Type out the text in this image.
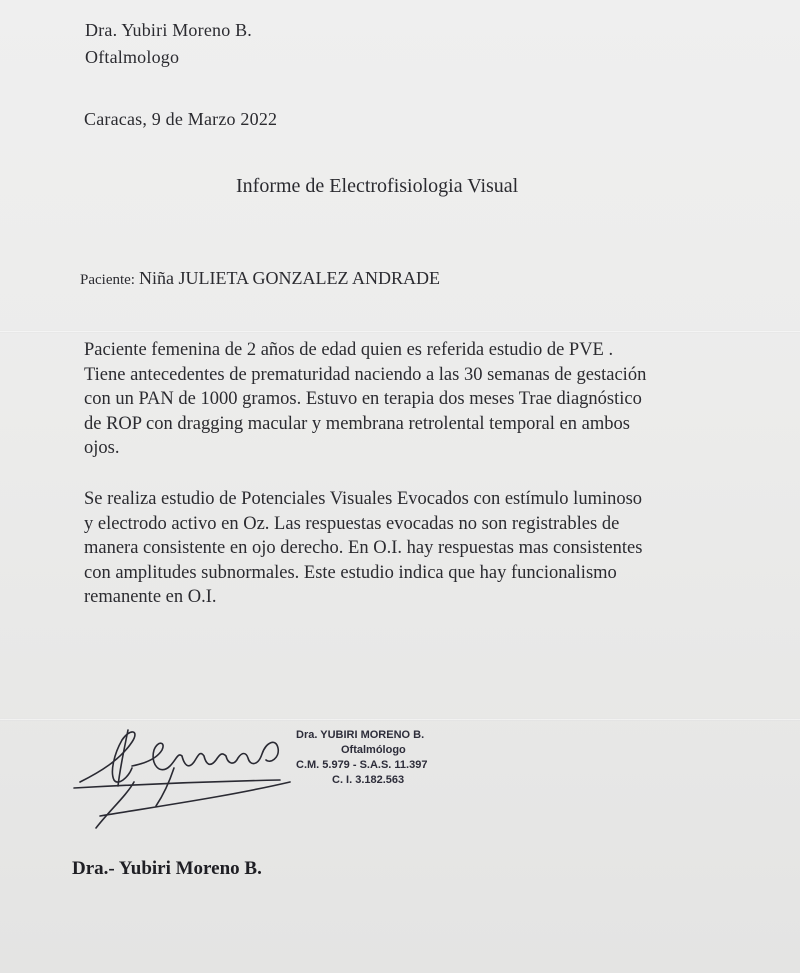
Dra. Yubiri Moreno B.
Oftalmologo
Caracas, 9 de Marzo 2022
Informe de Electrofisiologia Visual
Paciente: Niña JULIETA GONZALEZ ANDRADE
Paciente femenina de 2 años de edad quien es referida estudio de PVE .
Tiene antecedentes de prematuridad naciendo a las 30 semanas de gestación
con un PAN de 1000 gramos. Estuvo en terapia dos meses Trae diagnóstico
de ROP con dragging macular y membrana retrolental temporal en ambos
ojos.
Se realiza estudio de Potenciales Visuales Evocados con estímulo luminoso
y electrodo activo en Oz. Las respuestas evocadas no son registrables de
manera consistente en ojo derecho. En O.I. hay respuestas mas consistentes
con amplitudes subnormales. Este estudio indica que hay funcionalismo
remanente en O.I.
Dra. YUBIRI MORENO B.
Oftalmólogo
C.M. 5.979 - S.A.S. 11.397
C. I. 3.182.563
Dra.- Yubiri Moreno B.
